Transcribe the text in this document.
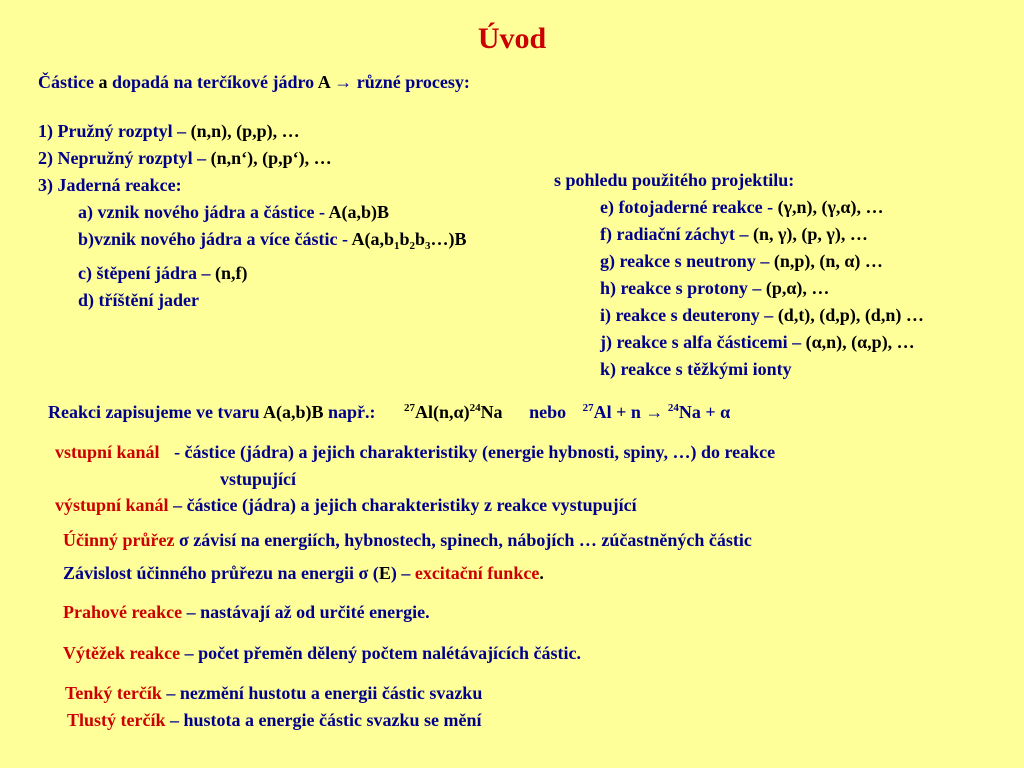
Úvod
Částice a dopadá na terčíkové jádro A → různé procesy:
1) Pružný rozptyl – (n,n), (p,p), …
2) Nepružný rozptyl – (n,n‘), (p,p‘), …
3) Jaderná reakce:
a) vznik nového jádra a částice - A(a,b)B
b)vznik nového jádra a více částic - $A(a,b_1b_2b_3\dots)B$
c) štěpení jádra – (n,f)
d) tříštění jader
s pohledu použitého projektilu:
e) fotojaderné reakce - (γ,n), (γ,α), …
f) radiační záchyt – (n, γ), (p, γ), …
g) reakce s neutrony – (n,p), (n, α) …
h) reakce s protony – (p,α), …
i) reakce s deuterony – (d,t), (d,p), (d,n) …
j) reakce s alfa částicemi – (α,n), (α,p), …
k) reakce s těžkými ionty
Reakci zapisujeme ve tvaru A(a,b)B např.:	$^{27}Al(n,\alpha)^{24}Na$ nebo $^{27}$Al + n → $^{24}$Na + α
vstupní kanál - částice (jádra) a jejich charakteristiky (energie hybnosti, spiny, …) do reakce
vstupující
výstupní kanál – částice (jádra) a jejich charakteristiky z reakce vystupující
Účinný průřez σ závisí na energiích, hybnostech, spinech, nábojích … zúčastněných částic
Závislost účinného průřezu na energii σ (E) – excitační funkce.
Prahové reakce – nastávají až od určité energie.
Výtěžek reakce – počet přeměn dělený počtem nalétávajících částic.
Tenký terčík – nezmění hustotu a energii částic svazku
Tlustý terčík – hustota a energie částic svazku se mění
